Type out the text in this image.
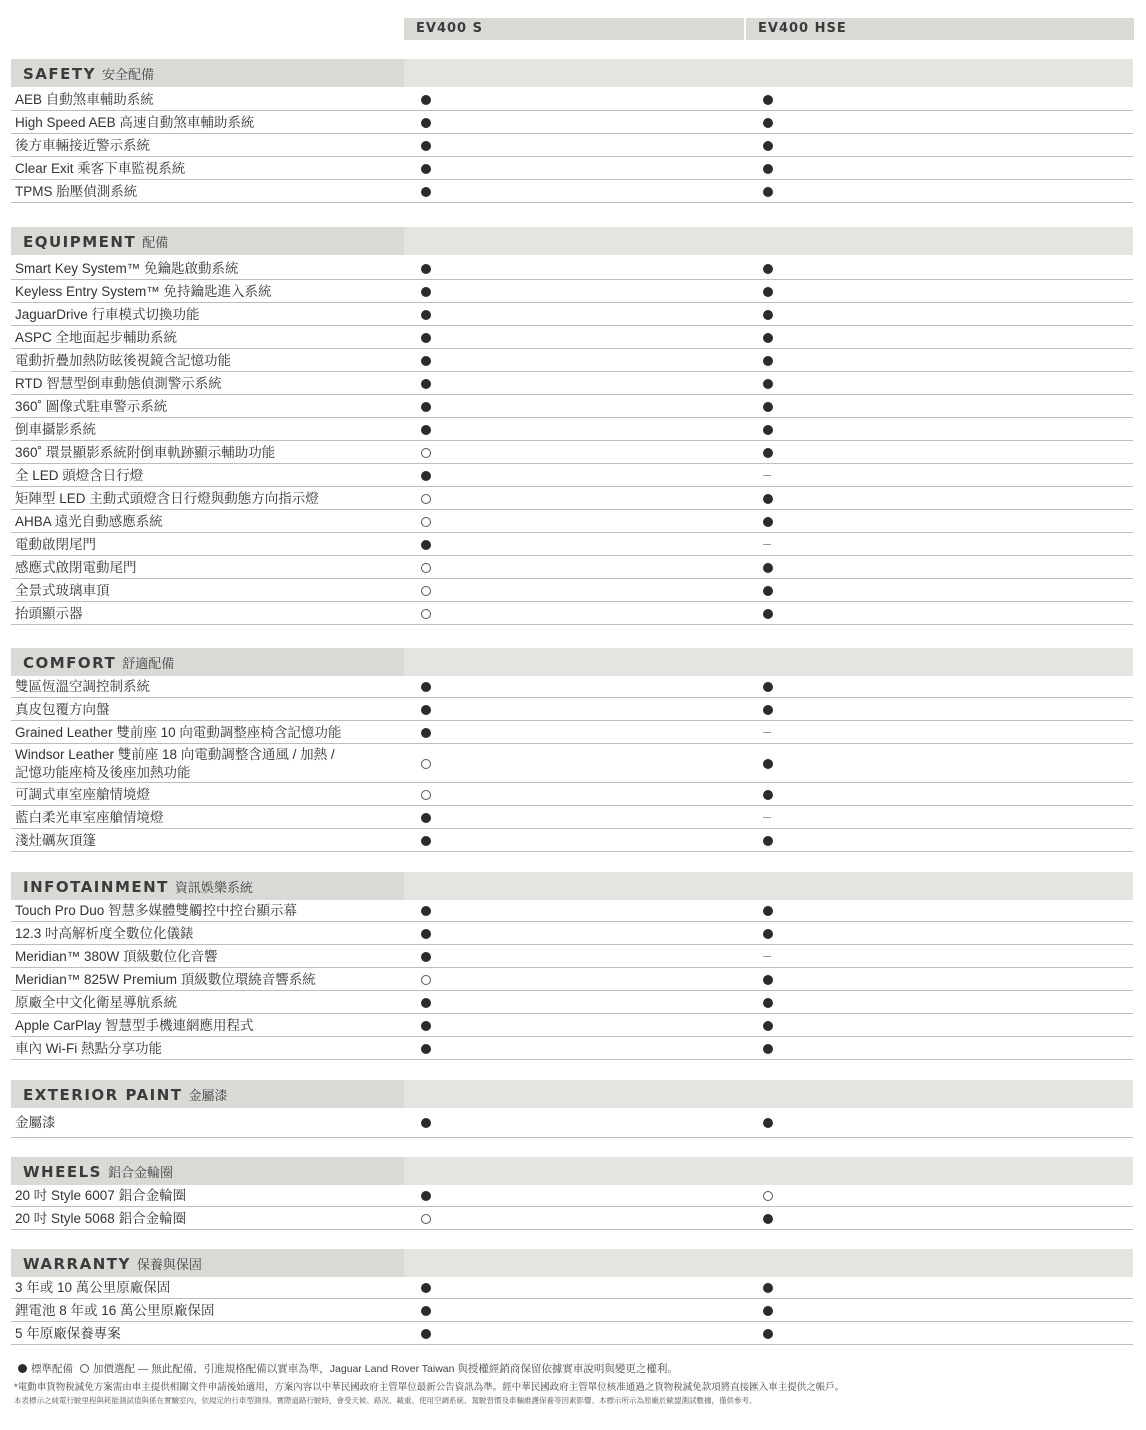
EV400 S	EV400 HSE
標準配備 加價選配 — 無此配備，引進規格配備以實車為準，Jaguar Land Rover Taiwan 與授權經銷商保留依據實車說明與變更之權利。
*電動車貨物稅減免方案需由車主提供相關文件申請後始適用，方案內容以中華民國政府主管單位最新公告資訊為準。經中華民國政府主管單位核准通過之貨物稅減免款項將直接匯入車主提供之帳戶。
本表標示之純電行駛里程與耗能測試值與係在實驗室內，依規定的行車型測得。實際道路行駛時，會受天候、路況、載重、使用空調系統、駕駛習慣及車輛維護保養等因素影響。本標示所示為原廠於歐盟測試數據，僅供參考。
SAFETY 安全配備
AEB 自動煞車輔助系統
High Speed AEB 高速自動煞車輔助系統
後方車輛接近警示系統
Clear Exit 乘客下車監視系統
TPMS 胎壓偵測系統
EQUIPMENT 配備
Smart Key System™ 免鑰匙啟動系統
Keyless Entry System™ 免持鑰匙進入系統
JaguarDrive 行車模式切換功能
ASPC 全地面起步輔助系統
電動折疊加熱防眩後視鏡含記憶功能
RTD 智慧型倒車動態偵測警示系統
360˚ 圖像式駐車警示系統
倒車攝影系統
360˚ 環景顯影系統附倒車軌跡顯示輔助功能
全 LED 頭燈含日行燈
矩陣型 LED 主動式頭燈含日行燈與動態方向指示燈
AHBA 遠光自動感應系統
電動啟閉尾門
感應式啟閉電動尾門
全景式玻璃車頂
抬頭顯示器
COMFORT 舒適配備
雙區恆溫空調控制系統
真皮包覆方向盤
Grained Leather 雙前座 10 向電動調整座椅含記憶功能
Windsor Leather 雙前座 18 向電動調整含通風 / 加熱 /
記憶功能座椅及後座加熱功能
可調式車室座艙情境燈
藍白柔光車室座艙情境燈
淺灶礪灰頂篷
INFOTAINMENT 資訊娛樂系統
Touch Pro Duo 智慧多媒體雙觸控中控台顯示幕
12.3 吋高解析度全數位化儀錶
Meridian™ 380W 頂級數位化音響
Meridian™ 825W Premium 頂級數位環繞音響系統
原廠全中文化衛星導航系統
Apple CarPlay 智慧型手機連網應用程式
車內 Wi-Fi 熱點分享功能
EXTERIOR PAINT 金屬漆
金屬漆
WHEELS 鋁合金輪圈
20 吋 Style 6007 鋁合金輪圈
20 吋 Style 5068 鋁合金輪圈
WARRANTY 保養與保固
3 年或 10 萬公里原廠保固
鋰電池 8 年或 16 萬公里原廠保固
5 年原廠保養專案
